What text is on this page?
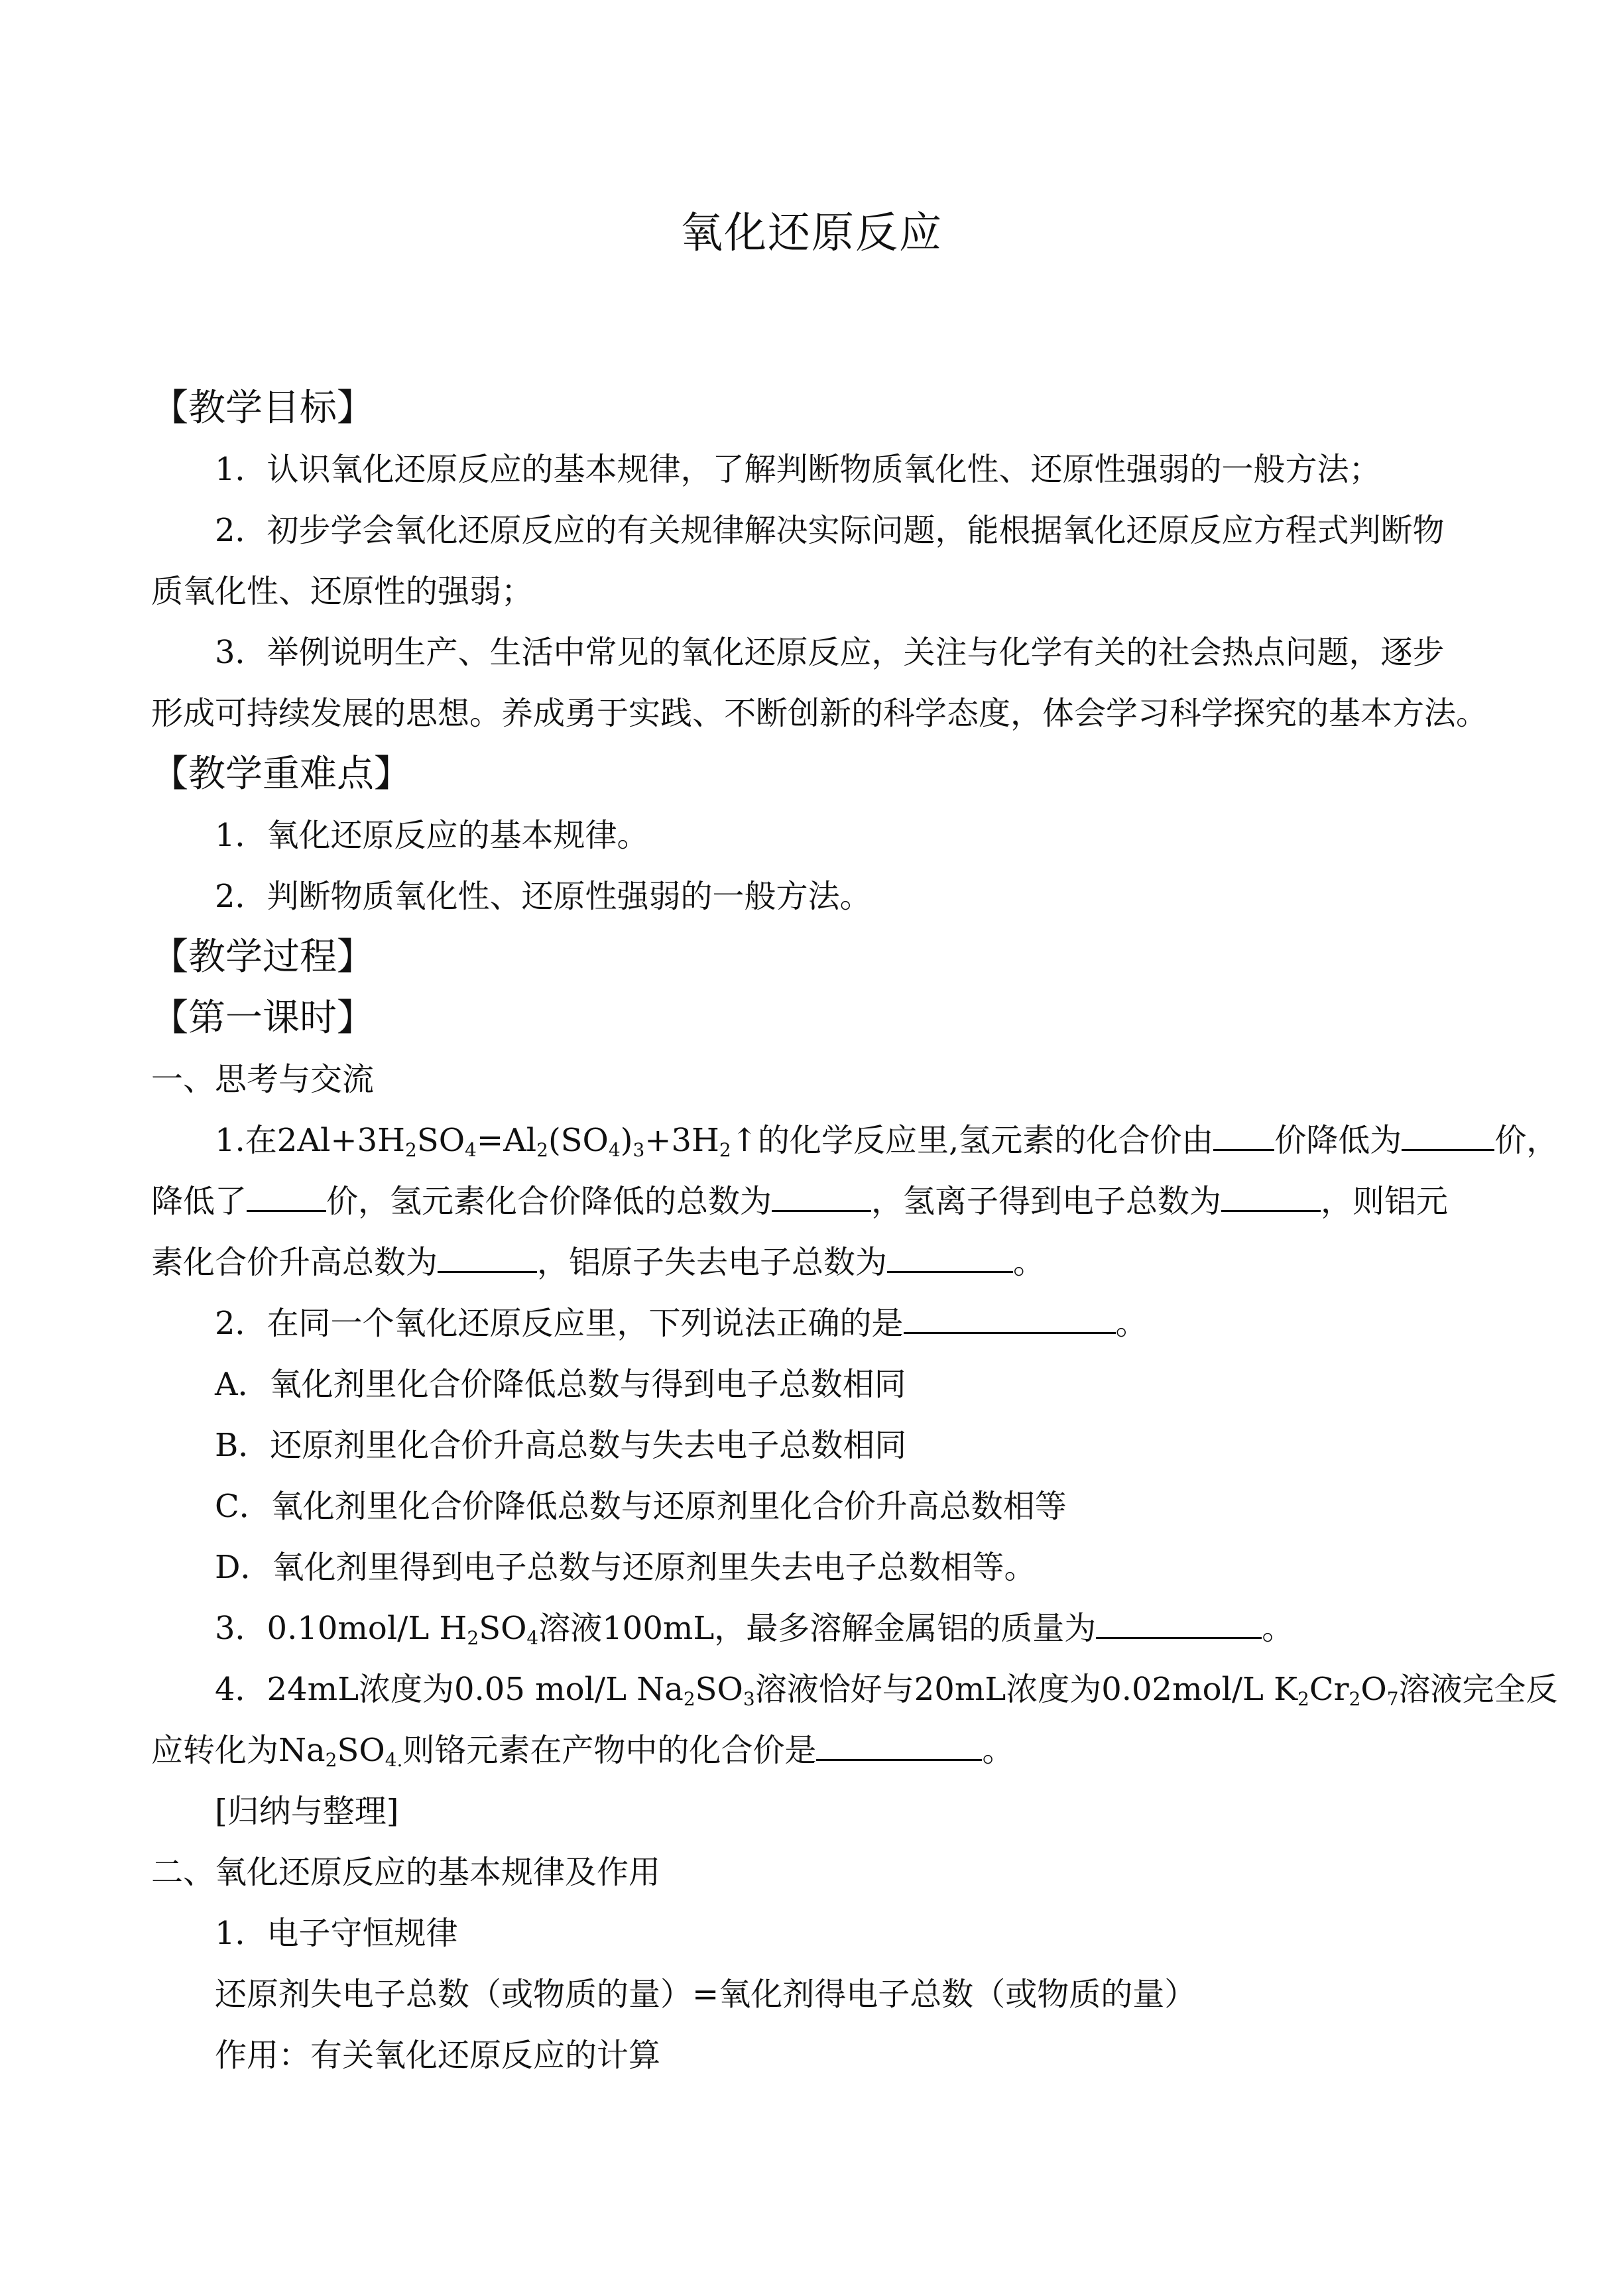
氧化还原反应
【教学目标】
1．认识氧化还原反应的基本规律，了解判断物质氧化性、还原性强弱的一般方法；
2．初步学会氧化还原反应的有关规律解决实际问题，能根据氧化还原反应方程式判断物
质氧化性、还原性的强弱；
3．举例说明生产、生活中常见的氧化还原反应，关注与化学有关的社会热点问题，逐步
形成可持续发展的思想。养成勇于实践、不断创新的科学态度，体会学习科学探究的基本方法。
【教学重难点】
1．氧化还原反应的基本规律。
2．判断物质氧化性、还原性强弱的一般方法。
【教学过程】
【第一课时】
一、思考与交流
1.在$2Al+3H_2SO_4=Al_2(SO_4)_3+3H_2↑$的化学反应里,氢元素的化合价由 价降低为	价，
降低了	价，氢元素化合价降低的总数为	，氢离子得到电子总数为	，则铝元
素化合价升高总数为	，铝原子失去电子总数为	。
2．在同一个氧化还原反应里，下列说法正确的是	。
A．氧化剂里化合价降低总数与得到电子总数相同
B．还原剂里化合价升高总数与失去电子总数相同
C．氧化剂里化合价降低总数与还原剂里化合价升高总数相等
D．氧化剂里得到电子总数与还原剂里失去电子总数相等。
3．0.10mol/L $H_2SO_4$溶液100mL，最多溶解金属铝的质量为	。
4．24mL浓度为0.05 mol/L $Na_2SO_3$溶液恰好与20mL浓度为0.02mol/L $K_2Cr_2O_7$溶液完全反
应转化为$Na_2SO_{4.}$则铬元素在产物中的化合价是	。
[归纳与整理]
二、氧化还原反应的基本规律及作用
1．电子守恒规律
还原剂失电子总数（或物质的量）=氧化剂得电子总数（或物质的量）
作用：有关氧化还原反应的计算
